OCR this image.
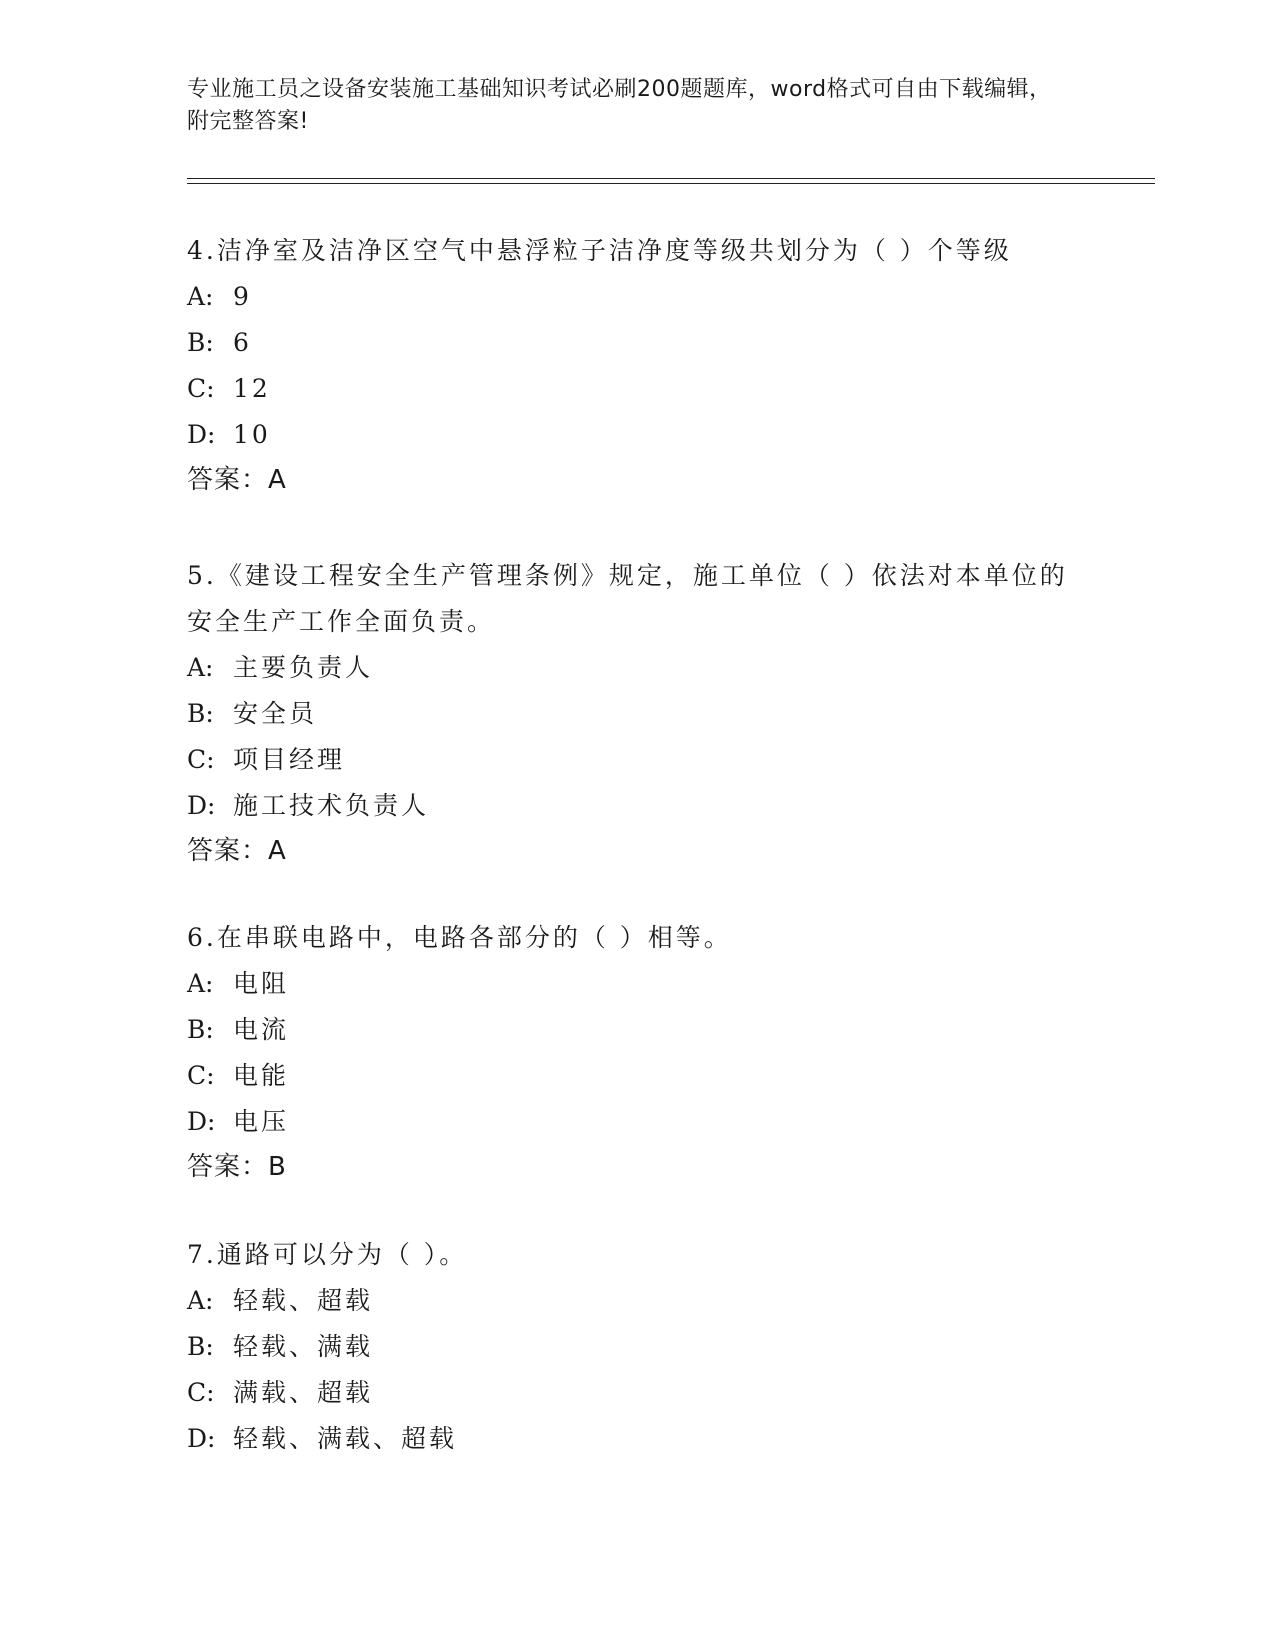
专业施工员之设备安装施工基础知识考试必刷200题题库，word格式可自由下载编辑，附完整答案!
4.洁净室及洁净区空气中悬浮粒子洁净度等级共划分为（ ）个等级
A: 9
B: 6
C: 12
D: 10
答案：A
5.《建设工程安全生产管理条例》规定，施工单位（ ）依法对本单位的安全生产工作全面负责。
A: 主要负责人
B: 安全员
C: 项目经理
D: 施工技术负责人
答案：A
6.在串联电路中，电路各部分的（ ）相等。
A: 电阻
B: 电流
C: 电能
D: 电压
答案：B
7.通路可以分为（ ）。
A: 轻载、超载
B: 轻载、满载
C: 满载、超载
D: 轻载、满载、超载
